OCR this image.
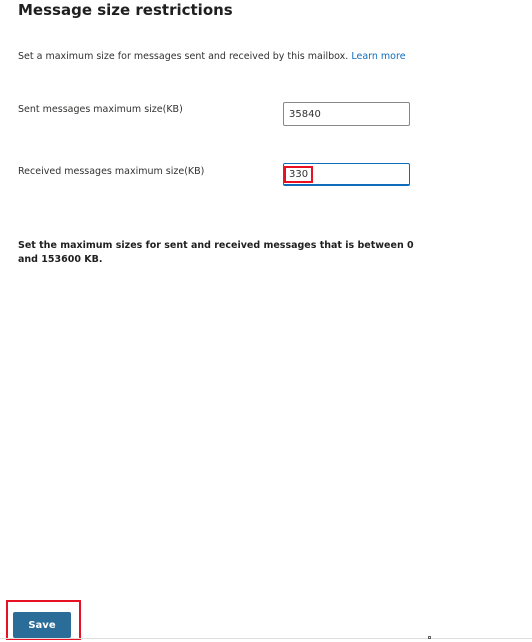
Message size restrictions
Set a maximum size for messages sent and received by this mailbox. Learn more
Sent messages maximum size(KB)
35840
Received messages maximum size(KB)
330
Set the maximum sizes for sent and received messages that is between 0 and 153600 KB.
Save
